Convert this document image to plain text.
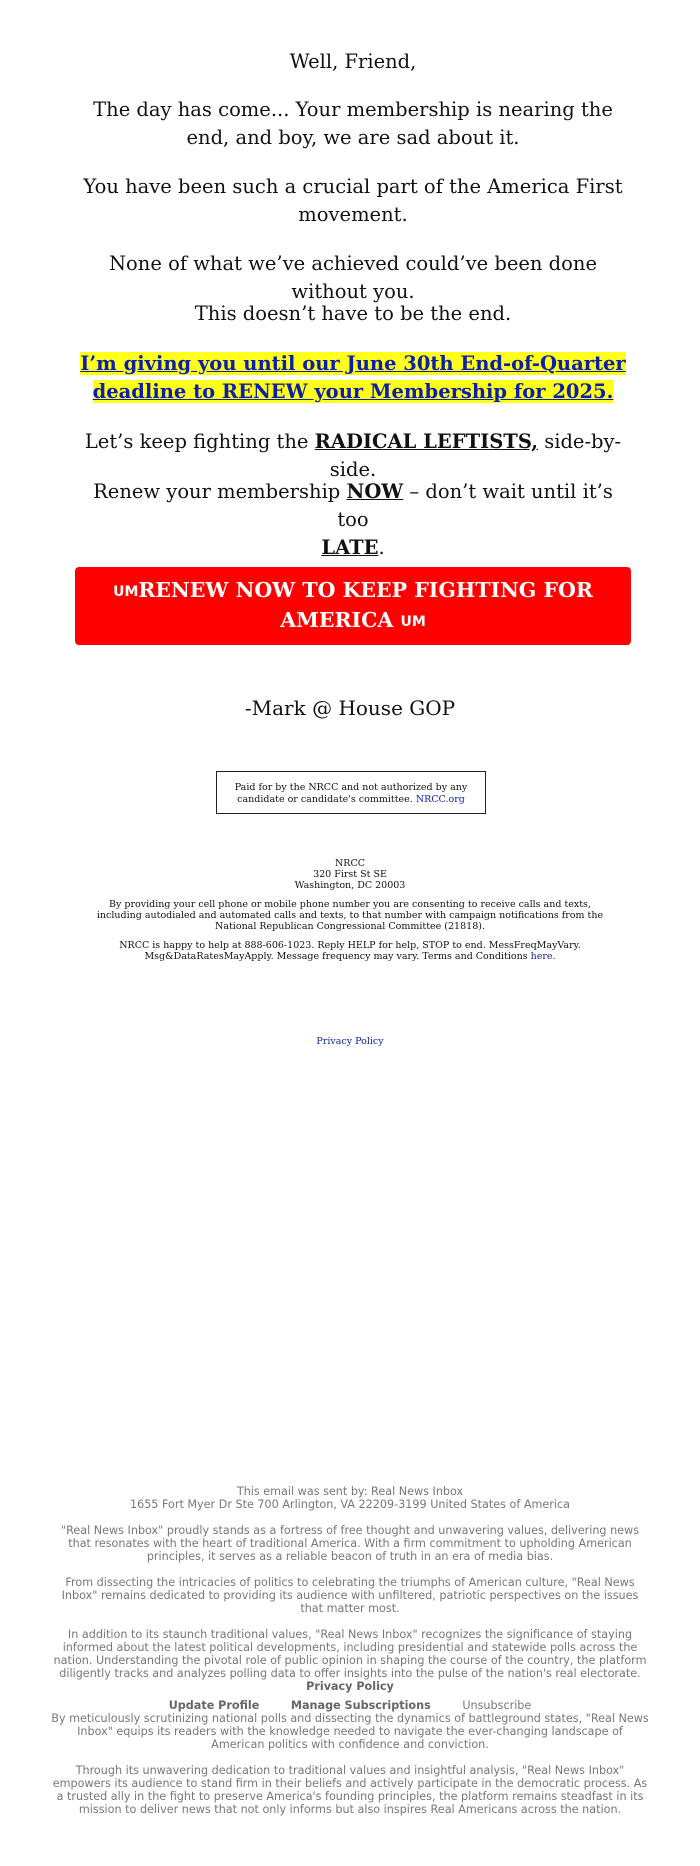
Well, Friend,

The day has come... Your membership is nearing the end, and boy, we are sad about it.

You have been such a crucial part of the America First movement.

None of what we’ve achieved could’ve been done without you.

This doesn’t have to be the end.

I’m giving you until our June 30th End-of-Quarter deadline to RENEW your Membership for 2025.

Let’s keep fighting the RADICAL LEFTISTS, side-by-side.

Renew your membership NOW – don’t wait until it’s too
LATE.

UMRENEW NOW TO KEEP FIGHTING FOR AMERICA UM
-Mark @ House GOP
Paid for by the NRCC and not authorized by any candidate or candidate's committee. NRCC.org
NRCC
320 First St SE
Washington, DC 20003
By providing your cell phone or mobile phone number you are consenting to receive calls and texts, including autodialed and automated calls and texts, to that number with campaign notifications from the National Republican Congressional Committee (21818).
NRCC is happy to help at 888-606-1023. Reply HELP for help, STOP to end. MessFreqMayVary. Msg&DataRatesMayApply. Message frequency may vary. Terms and Conditions here.
Privacy Policy

This email was sent by: Real News Inbox

1655 Fort Myer Dr Ste 700 Arlington, VA 22209-3199 United States of America

"Real News Inbox" proudly stands as a fortress of free thought and unwavering values, delivering news that resonates with the heart of traditional America. With a firm commitment to upholding American principles, it serves as a reliable beacon of truth in an era of media bias.

From dissecting the intricacies of politics to celebrating the triumphs of American culture, "Real News Inbox" remains dedicated to providing its audience with unfiltered, patriotic perspectives on the issues that matter most.

In addition to its staunch traditional values, "Real News Inbox" recognizes the significance of staying informed about the latest political developments, including presidential and statewide polls across the nation. Understanding the pivotal role of public opinion in shaping the course of the country, the platform diligently tracks and analyzes polling data to offer insights into the pulse of the nation's real electorate.

Privacy Policy

Update Profile	Manage Subscriptions	Unsubscribe

By meticulously scrutinizing national polls and dissecting the dynamics of battleground states, "Real News Inbox" equips its readers with the knowledge needed to navigate the ever-changing landscape of American politics with confidence and conviction.

Through its unwavering dedication to traditional values and insightful analysis, "Real News Inbox" empowers its audience to stand firm in their beliefs and actively participate in the democratic process. As a trusted ally in the fight to preserve America's founding principles, the platform remains steadfast in its mission to deliver news that not only informs but also inspires Real Americans across the nation.
